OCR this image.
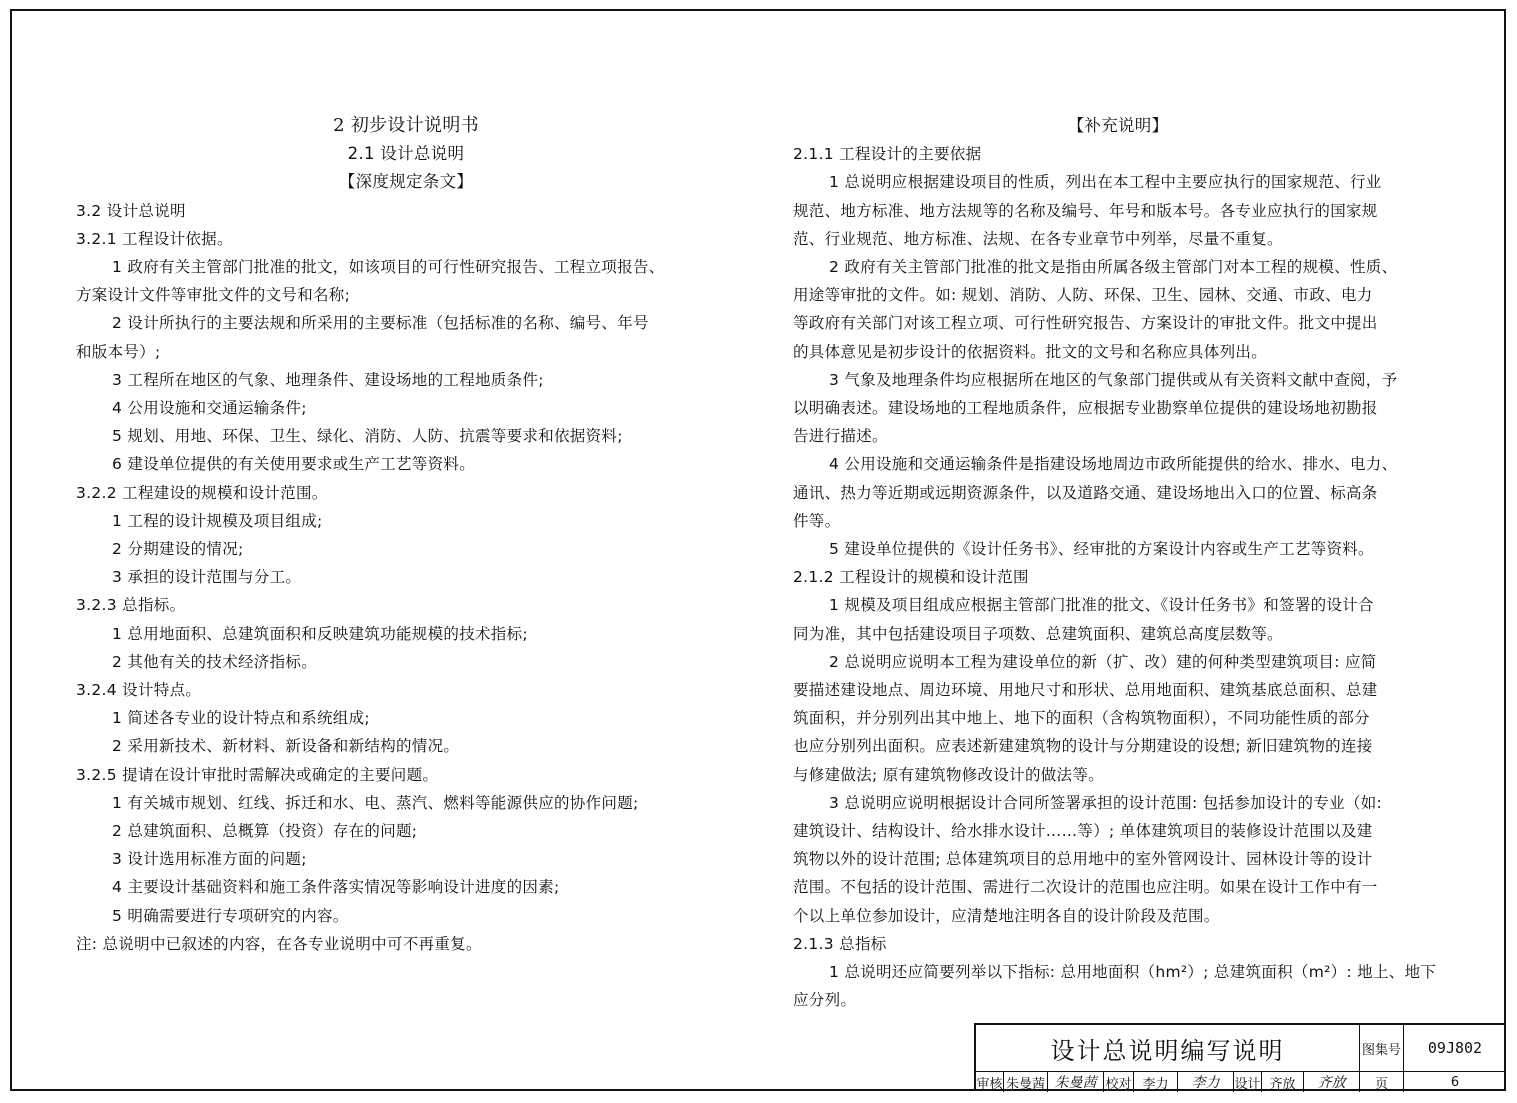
2 初步设计说明书
2.1 设计总说明
【深度规定条文】
3.2 设计总说明
3.2.1 工程设计依据。
1 政府有关主管部门批准的批文，如该项目的可行性研究报告、工程立项报告、
方案设计文件等审批文件的文号和名称;
2 设计所执行的主要法规和所采用的主要标准（包括标准的名称、编号、年号
和版本号）;
3 工程所在地区的气象、地理条件、建设场地的工程地质条件;
4 公用设施和交通运输条件;
5 规划、用地、环保、卫生、绿化、消防、人防、抗震等要求和依据资料;
6 建设单位提供的有关使用要求或生产工艺等资料。
3.2.2 工程建设的规模和设计范围。
1 工程的设计规模及项目组成;
2 分期建设的情况;
3 承担的设计范围与分工。
3.2.3 总指标。
1 总用地面积、总建筑面积和反映建筑功能规模的技术指标;
2 其他有关的技术经济指标。
3.2.4 设计特点。
1 简述各专业的设计特点和系统组成;
2 采用新技术、新材料、新设备和新结构的情况。
3.2.5 提请在设计审批时需解决或确定的主要问题。
1 有关城市规划、红线、拆迁和水、电、蒸汽、燃料等能源供应的协作问题;
2 总建筑面积、总概算（投资）存在的问题;
3 设计选用标准方面的问题;
4 主要设计基础资料和施工条件落实情况等影响设计进度的因素;
5 明确需要进行专项研究的内容。
注: 总说明中已叙述的内容，在各专业说明中可不再重复。
【补充说明】
2.1.1 工程设计的主要依据
1 总说明应根据建设项目的性质，列出在本工程中主要应执行的国家规范、行业
规范、地方标准、地方法规等的名称及编号、年号和版本号。各专业应执行的国家规
范、行业规范、地方标准、法规、在各专业章节中列举，尽量不重复。
2 政府有关主管部门批准的批文是指由所属各级主管部门对本工程的规模、性质、
用途等审批的文件。如: 规划、消防、人防、环保、卫生、园林、交通、市政、电力
等政府有关部门对该工程立项、可行性研究报告、方案设计的审批文件。批文中提出
的具体意见是初步设计的依据资料。批文的文号和名称应具体列出。
3 气象及地理条件均应根据所在地区的气象部门提供或从有关资料文献中查阅，予
以明确表述。建设场地的工程地质条件，应根据专业勘察单位提供的建设场地初勘报
告进行描述。
4 公用设施和交通运输条件是指建设场地周边市政所能提供的给水、排水、电力、
通讯、热力等近期或远期资源条件，以及道路交通、建设场地出入口的位置、标高条
件等。
5 建设单位提供的《设计任务书》、经审批的方案设计内容或生产工艺等资料。
2.1.2 工程设计的规模和设计范围
1 规模及项目组成应根据主管部门批准的批文、《设计任务书》和签署的设计合
同为准，其中包括建设项目子项数、总建筑面积、建筑总高度层数等。
2 总说明应说明本工程为建设单位的新（扩、改）建的何种类型建筑项目: 应简
要描述建设地点、周边环境、用地尺寸和形状、总用地面积、建筑基底总面积、总建
筑面积，并分别列出其中地上、地下的面积（含构筑物面积），不同功能性质的部分
也应分别列出面积。应表述新建建筑物的设计与分期建设的设想; 新旧建筑物的连接
与修建做法; 原有建筑物修改设计的做法等。
3 总说明应说明根据设计合同所签署承担的设计范围: 包括参加设计的专业（如:
建筑设计、结构设计、给水排水设计……等）; 单体建筑项目的装修设计范围以及建
筑物以外的设计范围; 总体建筑项目的总用地中的室外管网设计、园林设计等的设计
范围。不包括的设计范围、需进行二次设计的范围也应注明。如果在设计工作中有一
个以上单位参加设计，应清楚地注明各自的设计阶段及范围。
2.1.3 总指标
1 总说明还应简要列举以下指标: 总用地面积（hm²）; 总建筑面积（m²）: 地上、地下
应分列。
设计总说明编写说明	图集号	09J802
审核 朱曼茜 朱曼茜 校对 李力	李力	设计 齐放	齐放	页	6
